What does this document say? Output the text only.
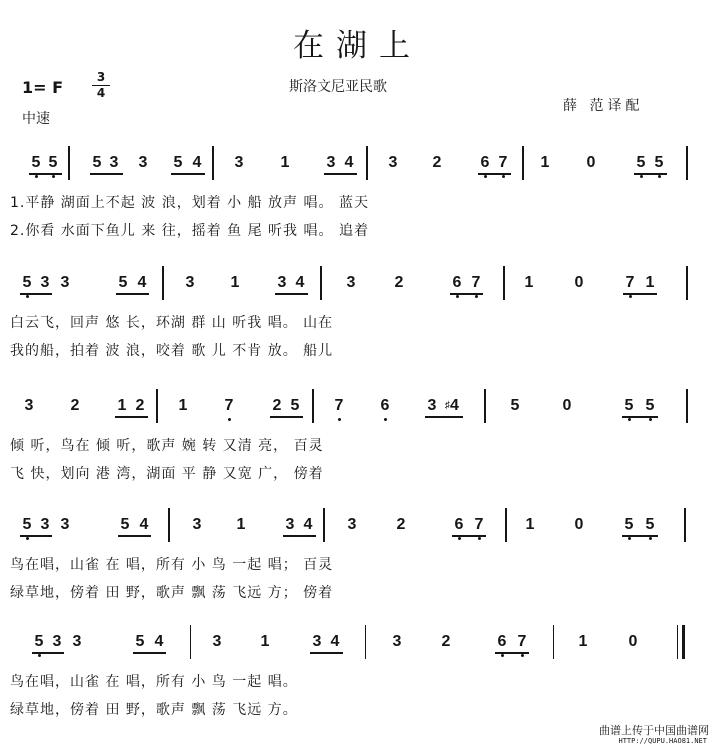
在湖上
1= F
3
4	斯洛文尼亚民歌
中速
薛 范译配
5 5 5 3 3 5 4 3 1 3 4 3 2 6 7 1 0	5 5
1.平静 湖面上不起 波 浪，划着 小 船 放声 唱。 蓝天
2.你看 水面下鱼儿 来 往，摇着 鱼 尾 听我 唱。 追着
5 3 3	5 4 3 1 3 4	3 2	6 7	1	0	7 1
白云飞，回声 悠 长，环湖 群 山 听我 唱。 山在
我的船，拍着 波 浪，咬着 歌 儿 不肯 放。 船儿
3 2 1 2 1 7 2 5 7 6 3 ♯4	5	0	5 5
倾 听，鸟在 倾 听，歌声 婉 转 又清 亮， 百灵
飞 快，划向 港 湾，湖面 平 静 又宽 广， 傍着
5 3 3	5 4	3 1	3 4 3	2	6 7	1	0	5 5
鸟在唱，山雀 在 唱，所有 小 鸟 一起 唱； 百灵
绿草地，傍着 田 野，歌声 飘 荡 飞远 方； 傍着
5 3 3	5 4	3 1	3 4	3	2	6 7	1	0
鸟在唱，山雀 在 唱，所有 小 鸟 一起 唱。
绿草地，傍着 田 野，歌声 飘 荡 飞远 方。
曲谱上传于中国曲谱网
HTTP://QUPU.HAO81.NET
